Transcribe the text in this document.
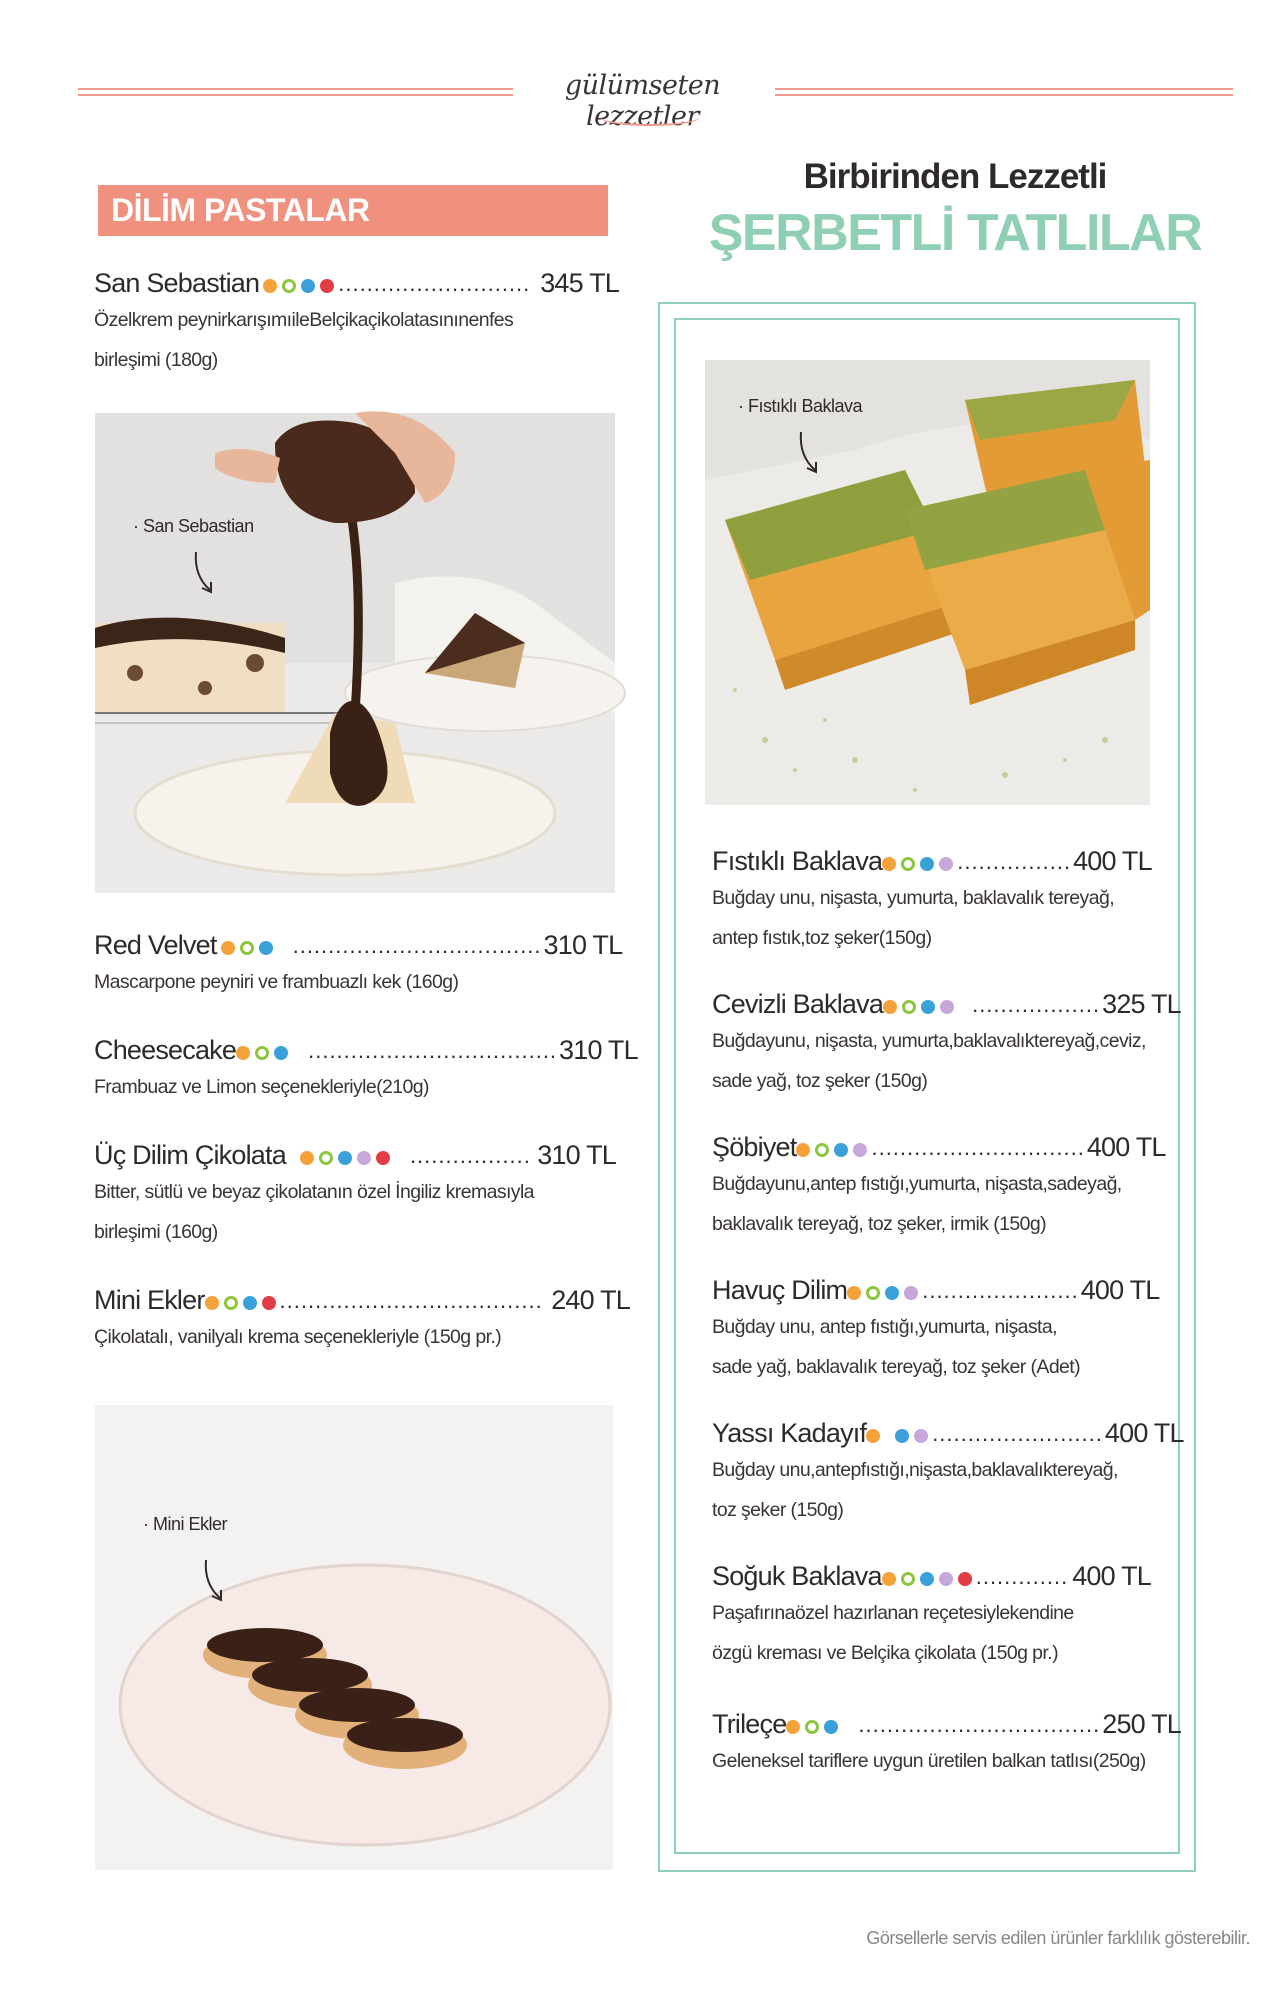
gülümseten lezzetler
DİLİM PASTALAR
San Sebastian	........................... 345 TL
Özelkrem peynirkarışımıileBelçikaçikolatasınınenfes
birleşimi (180g)
· San Sebastian
Red Velvet	................................... 310 TL
Mascarpone peyniri ve frambuazlı kek (160g)
Cheesecake	................................... 310 TL
Frambuaz ve Limon seçenekleriyle(210g)
Üç Dilim Çikolata	................. 310 TL
Bitter, sütlü ve beyaz çikolatanın özel İngiliz kremasıyla
birleşimi (160g)
Mini Ekler	..................................... 240 TL
Çikolatalı, vanilyalı krema seçenekleriyle (150g pr.)
· Mini Ekler
Birbirinden Lezzetli
ŞERBETLİ TATLILAR
· Fıstıklı Baklava
Fıstıklı Baklava	................ 400 TL
Buğday unu, nişasta, yumurta, baklavalık tereyağ,
antep fıstık,toz şeker(150g)
Cevizli Baklava	.................. 325 TL
Buğdayunu, nişasta, yumurta,baklavalıktereyağ,ceviz,
sade yağ, toz şeker (150g)
Şöbiyet	.............................. 400 TL
Buğdayunu,antep fıstığı,yumurta, nişasta,sadeyağ,
baklavalık tereyağ, toz şeker, irmik (150g)
Havuç Dilim	...................... 400 TL
Buğday unu, antep fıstığı,yumurta, nişasta,
sade yağ, baklavalık tereyağ, toz şeker (Adet)
Yassı Kadayıf	........................ 400 TL
Buğday unu,antepfıstığı,nişasta,baklavalıktereyağ,
toz şeker (150g)
Soğuk Baklava	............. 400 TL
Paşafırınaözel hazırlanan reçetesiylekendine
özgü kreması ve Belçika çikolata (150g pr.)
Trileçe	.................................. 250 TL
Geleneksel tariflere uygun üretilen balkan tatlısı(250g)
Görsellerle servis edilen ürünler farklılık gösterebilir.
